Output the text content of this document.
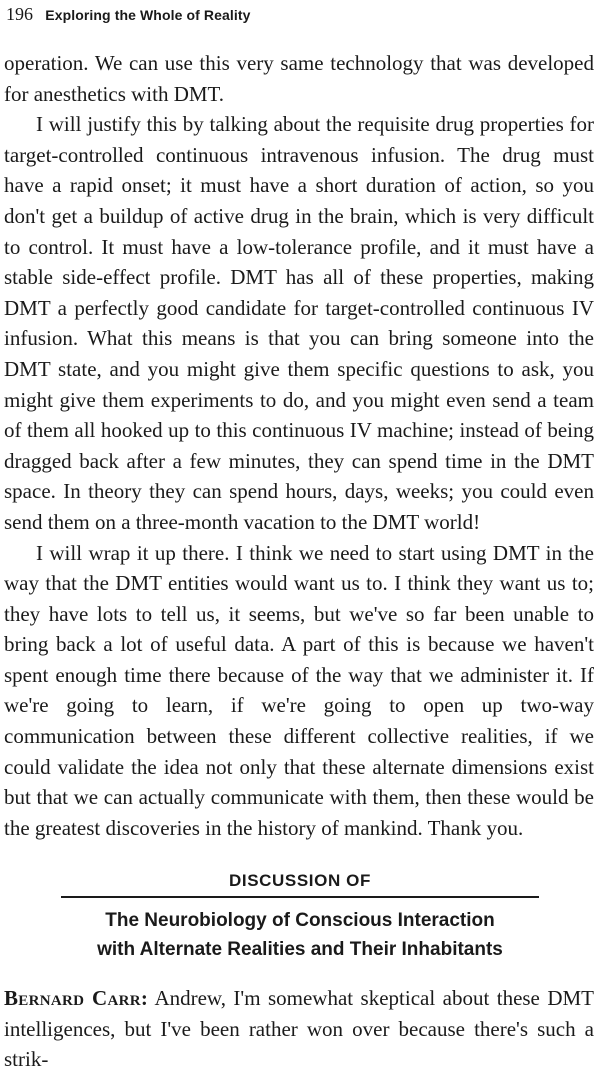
196 Exploring the Whole of Reality

operation. We can use this very same technology that was developed for anesthetics with DMT.

I will justify this by talking about the requisite drug properties for target-controlled continuous intravenous infusion. The drug must have a rapid onset; it must have a short duration of action, so you don't get a buildup of active drug in the brain, which is very difficult to control. It must have a low-tolerance profile, and it must have a stable side-effect profile. DMT has all of these properties, making DMT a perfectly good candidate for target-controlled continuous IV infusion. What this means is that you can bring someone into the DMT state, and you might give them specific questions to ask, you might give them experiments to do, and you might even send a team of them all hooked up to this continuous IV machine; instead of being dragged back after a few minutes, they can spend time in the DMT space. In theory they can spend hours, days, weeks; you could even send them on a three-month vacation to the DMT world!

I will wrap it up there. I think we need to start using DMT in the way that the DMT entities would want us to. I think they want us to; they have lots to tell us, it seems, but we've so far been unable to bring back a lot of useful data. A part of this is because we haven't spent enough time there because of the way that we administer it. If we're going to learn, if we're going to open up two-way communication between these different collective realities, if we could validate the idea not only that these alternate dimensions exist but that we can actually communicate with them, then these would be the greatest discoveries in the history of mankind. Thank you.

DISCUSSION OF
The Neurobiology of Conscious Interaction
with Alternate Realities and Their Inhabitants

Bernard Carr: Andrew, I'm somewhat skeptical about these DMT intelligences, but I've been rather won over because there's such a strik-
